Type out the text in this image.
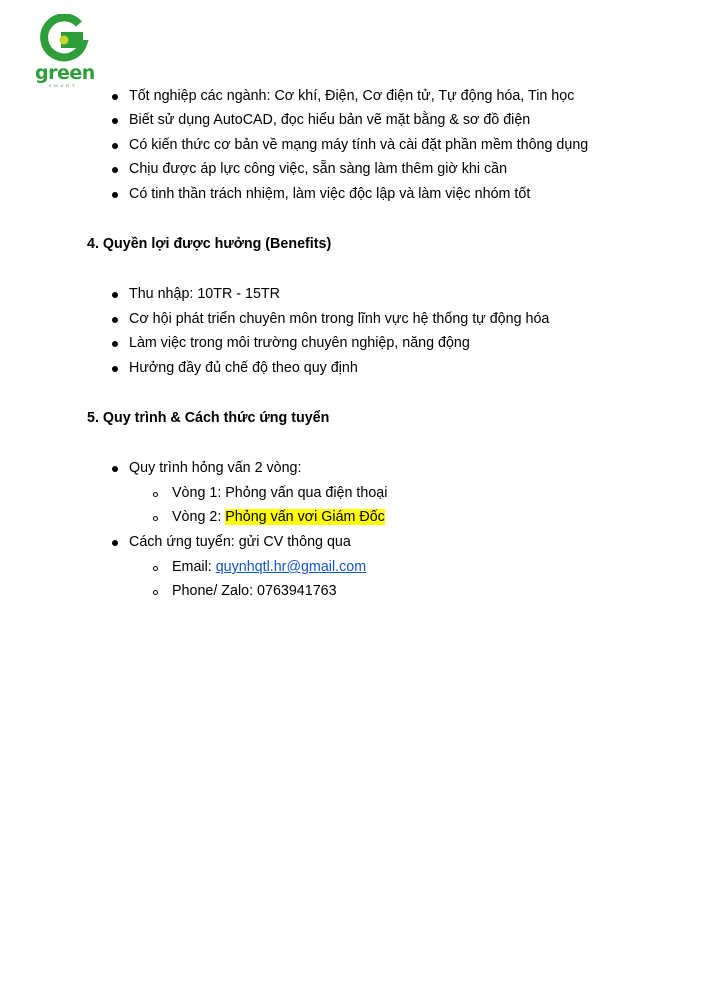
green
SMART
Tốt nghiệp các ngành: Cơ khí, Điện, Cơ điện tử, Tự động hóa, Tin học
Biết sử dụng AutoCAD, đọc hiểu bản vẽ mặt bằng & sơ đồ điện
Có kiến thức cơ bản về mạng máy tính và cài đặt phần mềm thông dụng
Chịu được áp lực công việc, sẵn sàng làm thêm giờ khi cần
Có tinh thần trách nhiệm, làm việc độc lập và làm việc nhóm tốt
4. Quyền lợi được hưởng (Benefits)
Thu nhập: 10TR - 15TR
Cơ hội phát triển chuyên môn trong lĩnh vực hệ thống tự động hóa
Làm việc trong môi trường chuyên nghiệp, năng động
Hưởng đầy đủ chế độ theo quy định
5. Quy trình & Cách thức ứng tuyển
Quy trình hỏng vấn 2 vòng:
Vòng 1: Phỏng vấn qua điện thoại
Vòng 2: Phỏng vấn vơi Giám Đốc
Cách ứng tuyển: gửi CV thông qua
Email: quynhqtl.hr@gmail.com
Phone/ Zalo: 0763941763
